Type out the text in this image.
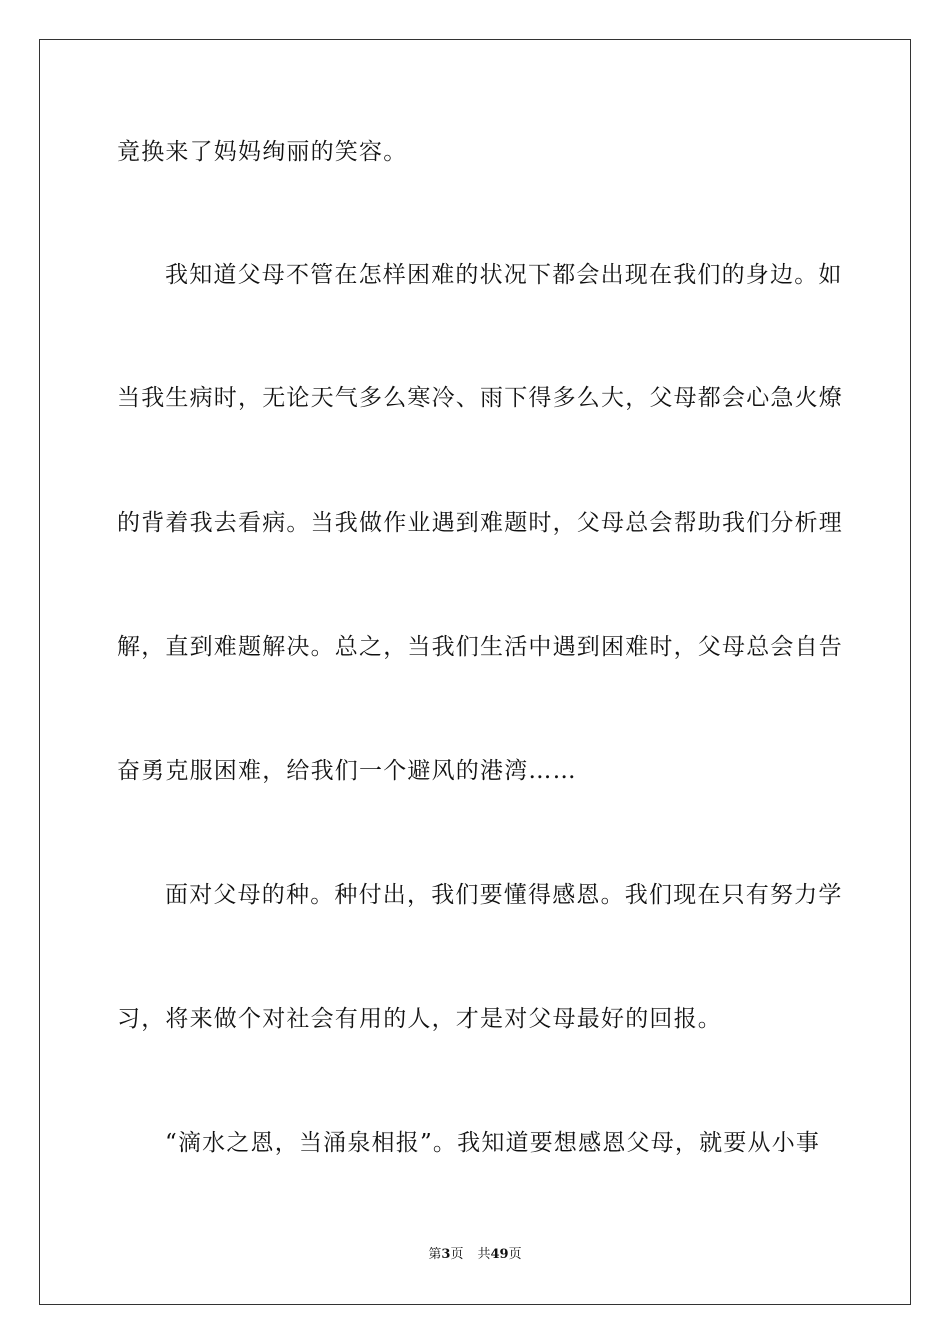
竟换来了妈妈绚丽的笑容。
我知道父母不管在怎样困难的状况下都会出现在我们的身边。如
当我生病时，无论天气多么寒冷、雨下得多么大，父母都会心急火燎
的背着我去看病。当我做作业遇到难题时，父母总会帮助我们分析理
解，直到难题解决。总之，当我们生活中遇到困难时，父母总会自告
奋勇克服困难，给我们一个避风的港湾……
面对父母的种。种付出，我们要懂得感恩。我们现在只有努力学
习，将来做个对社会有用的人，才是对父母最好的回报。
“滴水之恩，当涌泉相报”。我知道要想感恩父母，就要从小事
第3页 共49页
